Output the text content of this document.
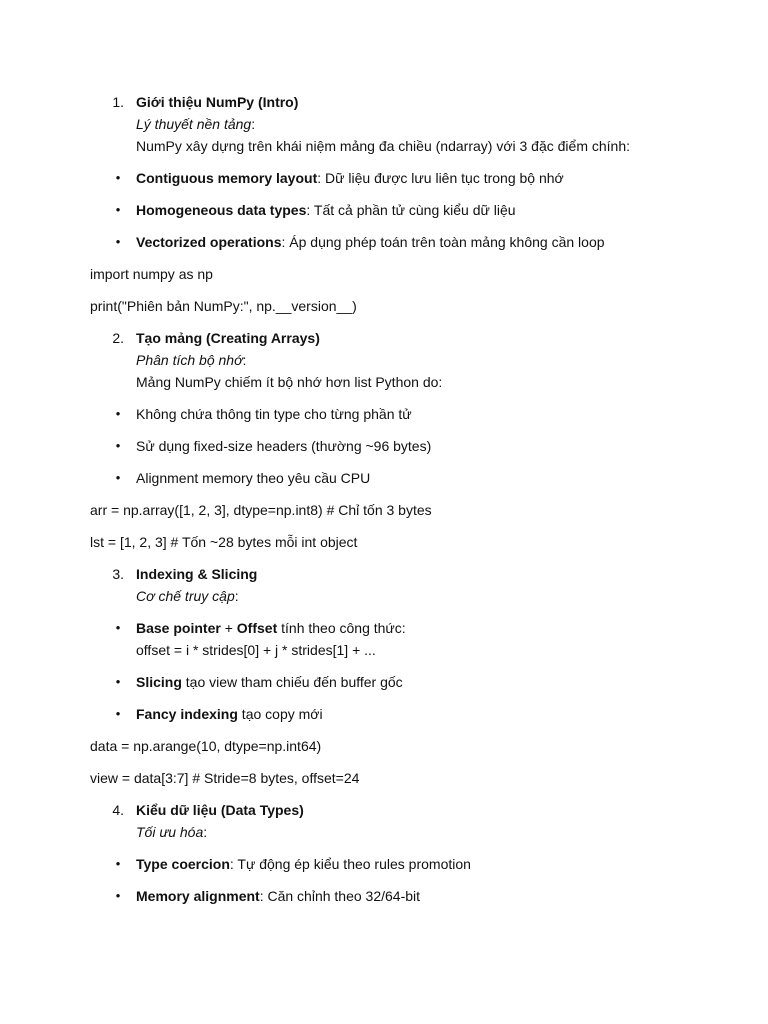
1. Giới thiệu NumPy (Intro)
Lý thuyết nền tảng:
NumPy xây dựng trên khái niệm mảng đa chiều (ndarray) với 3 đặc điểm chính:
• Contiguous memory layout: Dữ liệu được lưu liên tục trong bộ nhớ
• Homogeneous data types: Tất cả phần tử cùng kiểu dữ liệu
• Vectorized operations: Áp dụng phép toán trên toàn mảng không cần loop
import numpy as np
print("Phiên bản NumPy:", np.__version__)
2. Tạo mảng (Creating Arrays)
Phân tích bộ nhớ:
Mảng NumPy chiếm ít bộ nhớ hơn list Python do:
• Không chứa thông tin type cho từng phần tử
• Sử dụng fixed-size headers (thường ~96 bytes)
• Alignment memory theo yêu cầu CPU
arr = np.array([1, 2, 3], dtype=np.int8) # Chỉ tốn 3 bytes
lst = [1, 2, 3] # Tốn ~28 bytes mỗi int object
3. Indexing & Slicing
Cơ chế truy cập:
• Base pointer + Offset tính theo công thức:
offset = i * strides[0] + j * strides[1] + ...
• Slicing tạo view tham chiếu đến buffer gốc
• Fancy indexing tạo copy mới
data = np.arange(10, dtype=np.int64)
view = data[3:7] # Stride=8 bytes, offset=24
4. Kiểu dữ liệu (Data Types)
Tối ưu hóa:
• Type coercion: Tự động ép kiểu theo rules promotion
• Memory alignment: Căn chỉnh theo 32/64-bit
